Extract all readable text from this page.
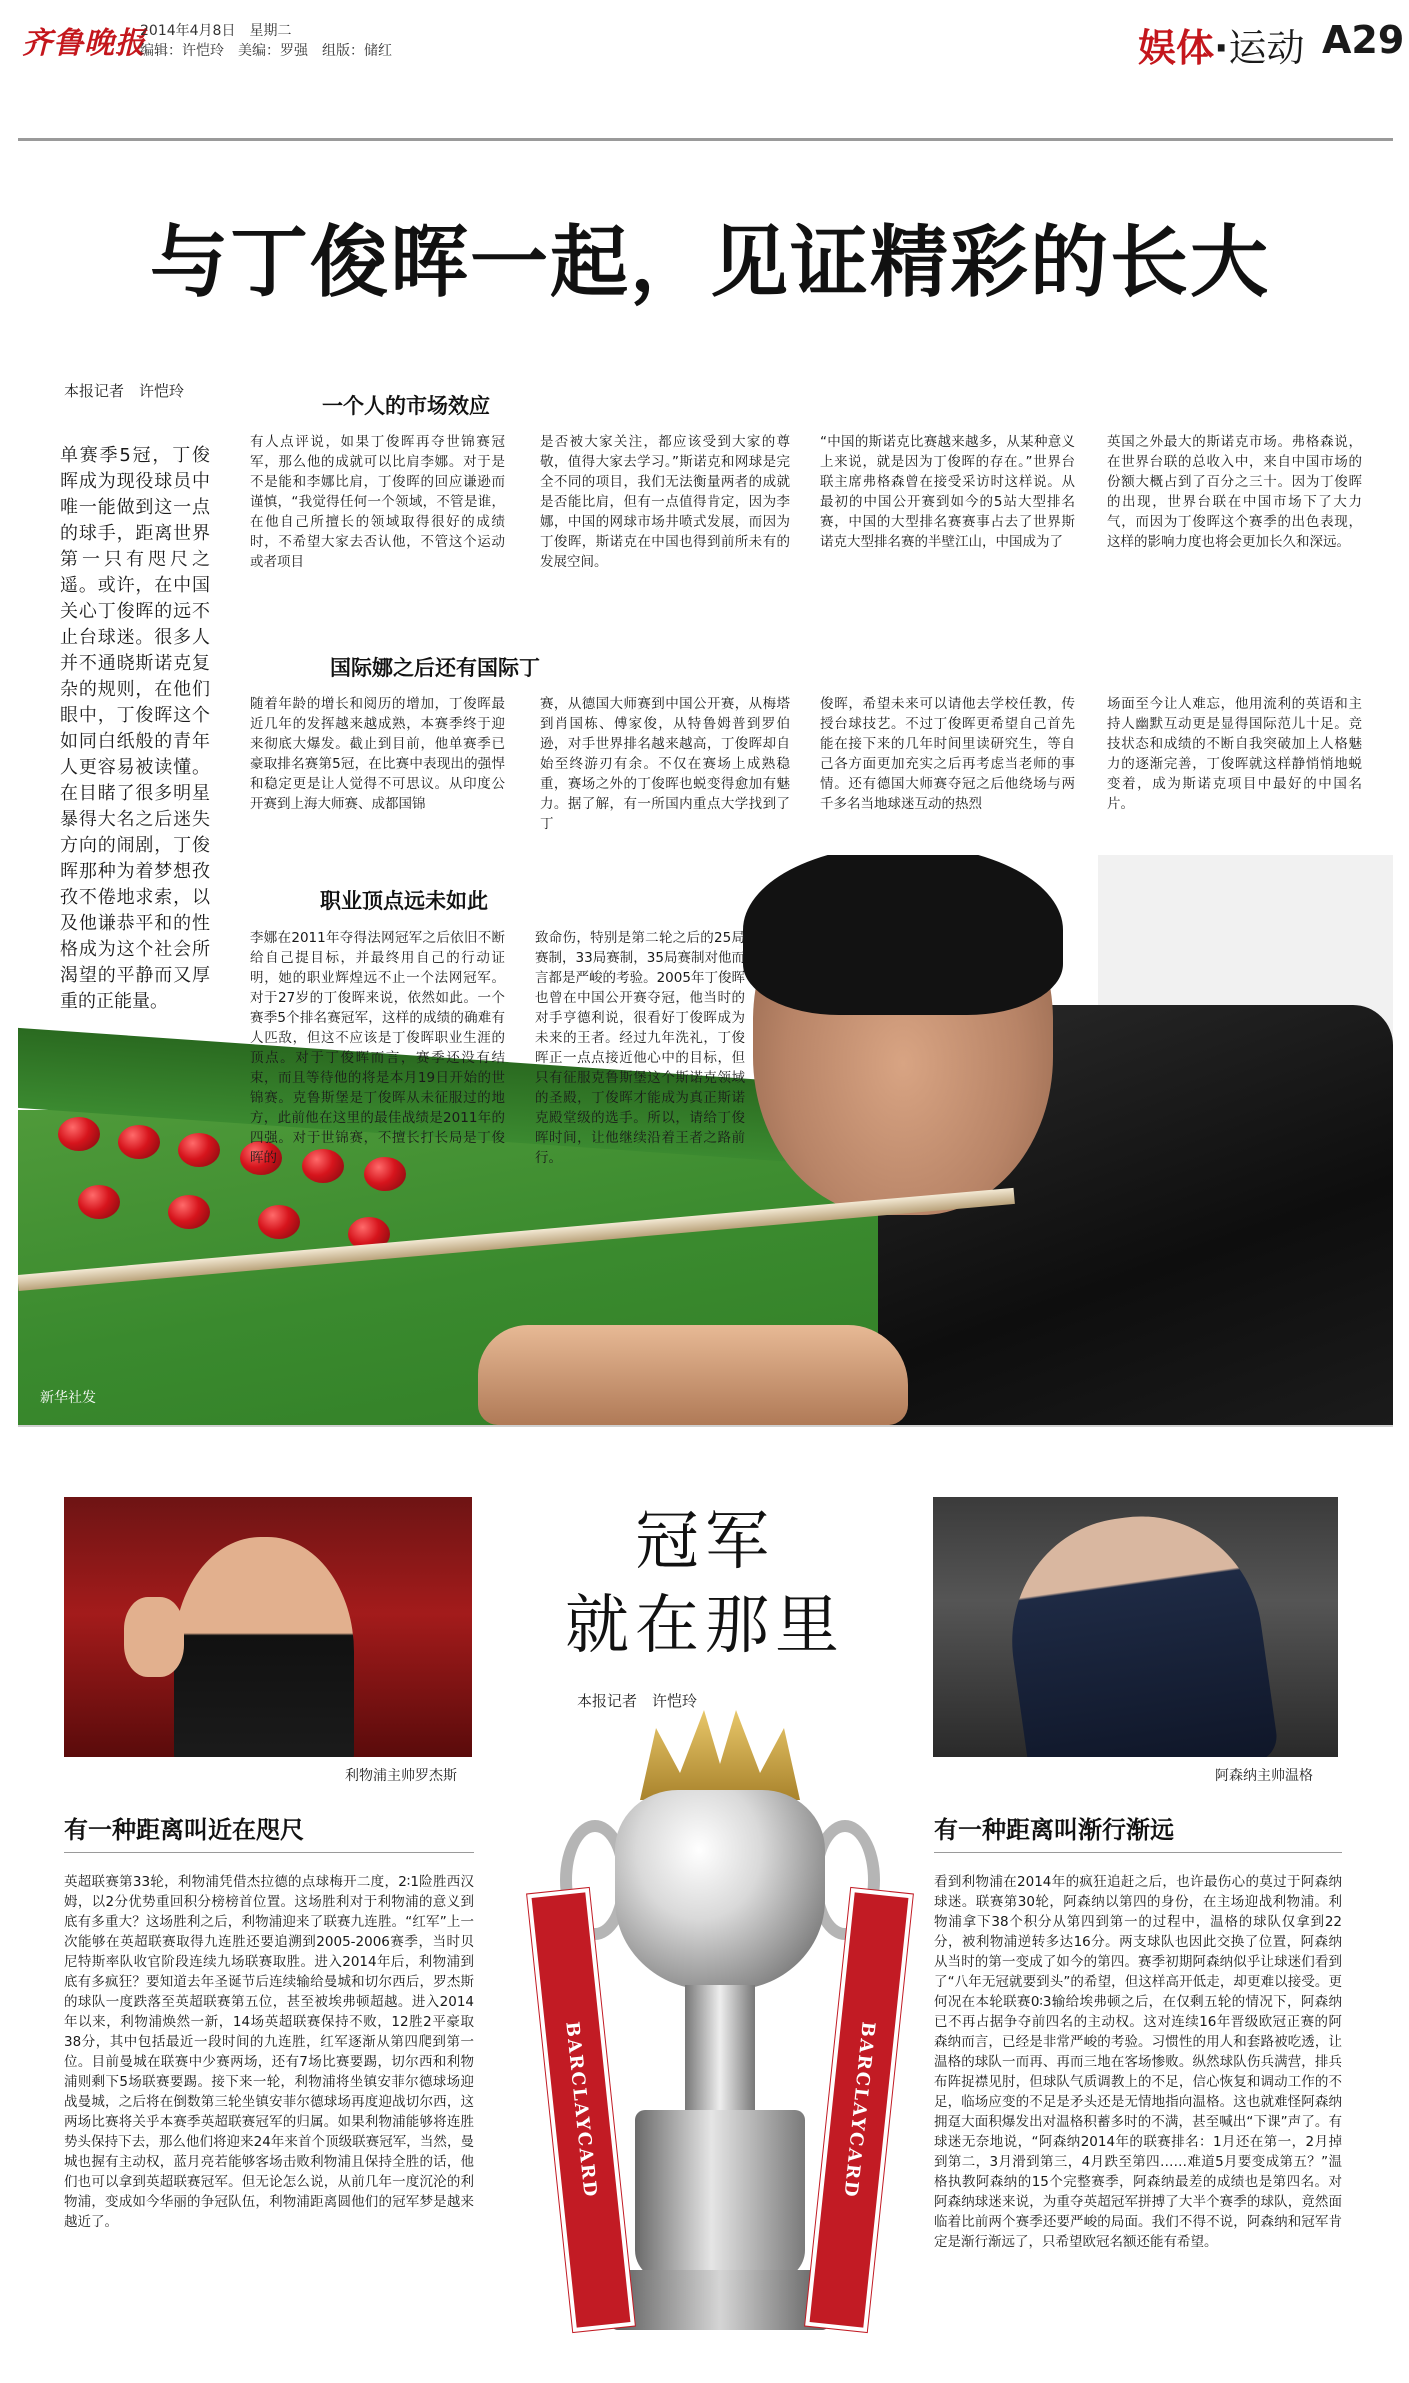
齐鲁晚报
2014年4月8日　星期二
编辑：许恺玲　美编：罗强　组版：储红	娱体·运动 A29
与丁俊晖一起，见证精彩的长大
本报记者　许恺玲

单赛季5冠，丁俊晖成为现役球员中唯一能做到这一点的球手，距离世界第一只有咫尺之遥。或许，在中国关心丁俊晖的远不止台球迷。很多人并不通晓斯诺克复杂的规则，在他们眼中，丁俊晖这个如同白纸般的青年人更容易被读懂。在目睹了很多明星暴得大名之后迷失方向的闹剧，丁俊晖那种为着梦想孜孜不倦地求索，以及他谦恭平和的性格成为这个社会所渴望的平静而又厚重的正能量。

一个人的市场效应

有人点评说，如果丁俊晖再夺世锦赛冠军，那么他的成就可以比肩李娜。对于是不是能和李娜比肩，丁俊晖的回应谦逊而谨慎，“我觉得任何一个领域，不管是谁，在他自己所擅长的领域取得很好的成绩时，不希望大家去否认他，不管这个运动或者项目

是否被大家关注，都应该受到大家的尊敬，值得大家去学习。”斯诺克和网球是完全不同的项目，我们无法衡量两者的成就是否能比肩，但有一点值得肯定，因为李娜，中国的网球市场井喷式发展，而因为丁俊晖，斯诺克在中国也得到前所未有的发展空间。

“中国的斯诺克比赛越来越多，从某种意义上来说，就是因为丁俊晖的存在。”世界台联主席弗格森曾在接受采访时这样说。从最初的中国公开赛到如今的5站大型排名赛，中国的大型排名赛赛事占去了世界斯诺克大型排名赛的半壁江山，中国成为了

英国之外最大的斯诺克市场。弗格森说，在世界台联的总收入中，来自中国市场的份额大概占到了百分之三十。因为丁俊晖的出现，世界台联在中国市场下了大力气，而因为丁俊晖这个赛季的出色表现，这样的影响力度也将会更加长久和深远。

国际娜之后还有国际丁

随着年龄的增长和阅历的增加，丁俊晖最近几年的发挥越来越成熟，本赛季终于迎来彻底大爆发。截止到目前，他单赛季已豪取排名赛第5冠，在比赛中表现出的强悍和稳定更是让人觉得不可思议。从印度公开赛到上海大师赛、成都国锦

赛，从德国大师赛到中国公开赛，从梅塔到肖国栋、傅家俊，从特鲁姆普到罗伯逊，对手世界排名越来越高，丁俊晖却自始至终游刃有余。不仅在赛场上成熟稳重，赛场之外的丁俊晖也蜕变得愈加有魅力。据了解，有一所国内重点大学找到了丁

俊晖，希望未来可以请他去学校任教，传授台球技艺。不过丁俊晖更希望自己首先能在接下来的几年时间里读研究生，等自己各方面更加充实之后再考虑当老师的事情。还有德国大师赛夺冠之后他绕场与两千多名当地球迷互动的热烈

场面至今让人难忘，他用流利的英语和主持人幽默互动更是显得国际范儿十足。竞技状态和成绩的不断自我突破加上人格魅力的逐渐完善，丁俊晖就这样静悄悄地蜕变着，成为斯诺克项目中最好的中国名片。

新华社发
职业顶点远未如此

李娜在2011年夺得法网冠军之后依旧不断给自己提目标，并最终用自己的行动证明，她的职业辉煌远不止一个法网冠军。对于27岁的丁俊晖来说，依然如此。一个赛季5个排名赛冠军，这样的成绩的确难有人匹敌，但这不应该是丁俊晖职业生涯的顶点。对于丁俊晖而言，赛季还没有结束，而且等待他的将是本月19日开始的世锦赛。克鲁斯堡是丁俊晖从未征服过的地方，此前他在这里的最佳战绩是2011年的四强。对于世锦赛，不擅长打长局是丁俊晖的

致命伤，特别是第二轮之后的25局赛制，33局赛制，35局赛制对他而言都是严峻的考验。2005年丁俊晖也曾在中国公开赛夺冠，他当时的对手亨德利说，很看好丁俊晖成为未来的王者。经过九年洗礼，丁俊晖正一点点接近他心中的目标，但只有征服克鲁斯堡这个斯诺克领域的圣殿，丁俊晖才能成为真正斯诺克殿堂级的选手。所以，请给丁俊晖时间，让他继续沿着王者之路前行。

利物浦主帅罗杰斯	阿森纳主帅温格
冠军
就在那里
本报记者　许恺玲
有一种距离叫近在咫尺

英超联赛第33轮，利物浦凭借杰拉德的点球梅开二度，2∶1险胜西汉姆，以2分优势重回积分榜榜首位置。这场胜利对于利物浦的意义到底有多重大？这场胜利之后，利物浦迎来了联赛九连胜。“红军”上一次能够在英超联赛取得九连胜还要追溯到2005-2006赛季，当时贝尼特斯率队收官阶段连续九场联赛取胜。进入2014年后，利物浦到底有多疯狂？要知道去年圣诞节后连续输给曼城和切尔西后，罗杰斯的球队一度跌落至英超联赛第五位，甚至被埃弗顿超越。进入2014年以来，利物浦焕然一新，14场英超联赛保持不败，12胜2平豪取38分，其中包括最近一段时间的九连胜，红军逐渐从第四爬到第一位。目前曼城在联赛中少赛两场，还有7场比赛要踢，切尔西和利物浦则剩下5场联赛要踢。接下来一轮，利物浦将坐镇安菲尔德球场迎战曼城，之后将在倒数第三轮坐镇安菲尔德球场再度迎战切尔西，这两场比赛将关乎本赛季英超联赛冠军的归属。如果利物浦能够将连胜势头保持下去，那么他们将迎来24年来首个顶级联赛冠军，当然，曼城也握有主动权，蓝月亮若能够客场击败利物浦且保持全胜的话，他们也可以拿到英超联赛冠军。但无论怎么说，从前几年一度沉沦的利物浦，变成如今华丽的争冠队伍，利物浦距离圆他们的冠军梦是越来越近了。

有一种距离叫渐行渐远

看到利物浦在2014年的疯狂追赶之后，也许最伤心的莫过于阿森纳球迷。联赛第30轮，阿森纳以第四的身份，在主场迎战利物浦。利物浦拿下38个积分从第四到第一的过程中，温格的球队仅拿到22分，被利物浦逆转多达16分。两支球队也因此交换了位置，阿森纳从当时的第一变成了如今的第四。赛季初期阿森纳似乎让球迷们看到了“八年无冠就要到头”的希望，但这样高开低走，却更难以接受。更何况在本轮联赛0∶3输给埃弗顿之后，在仅剩五轮的情况下，阿森纳已不再占据争夺前四名的主动权。这对连续16年晋级欧冠正赛的阿森纳而言，已经是非常严峻的考验。习惯性的用人和套路被吃透，让温格的球队一而再、再而三地在客场惨败。纵然球队伤兵满营，排兵布阵捉襟见肘，但球队气质调教上的不足，信心恢复和调动工作的不足，临场应变的不足是矛头还是无情地指向温格。这也就难怪阿森纳拥趸大面积爆发出对温格积蓄多时的不满，甚至喊出“下课”声了。有球迷无奈地说，“阿森纳2014年的联赛排名：1月还在第一，2月掉到第二，3月滑到第三，4月跌至第四……难道5月要变成第五？”温格执教阿森纳的15个完整赛季，阿森纳最差的成绩也是第四名。对阿森纳球迷来说，为重夺英超冠军拼搏了大半个赛季的球队，竟然面临着比前两个赛季还要严峻的局面。我们不得不说，阿森纳和冠军肯定是渐行渐远了，只希望欧冠名额还能有希望。

BARCLAYCARD	BARCLAYCARD
